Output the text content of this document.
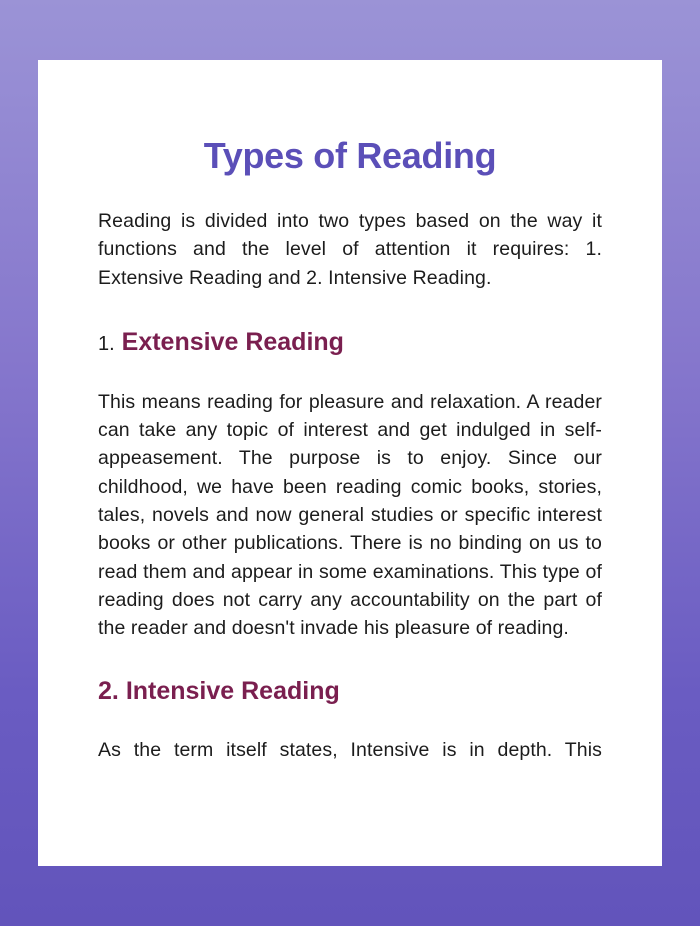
Types of Reading

Reading is divided into two types based on the way it functions and the level of attention it requires: 1. Extensive Reading and 2. Intensive Reading.

1. Extensive Reading

This means reading for pleasure and relaxation. A reader can take any topic of interest and get indulged in self-appeasement. The purpose is to enjoy. Since our childhood, we have been reading comic books, stories, tales, novels and now general studies or specific interest books or other publications. There is no binding on us to read them and appear in some examinations. This type of reading does not carry any accountability on the part of the reader and doesn't invade his pleasure of reading.

2. Intensive Reading

As the term itself states, Intensive is in depth. This
